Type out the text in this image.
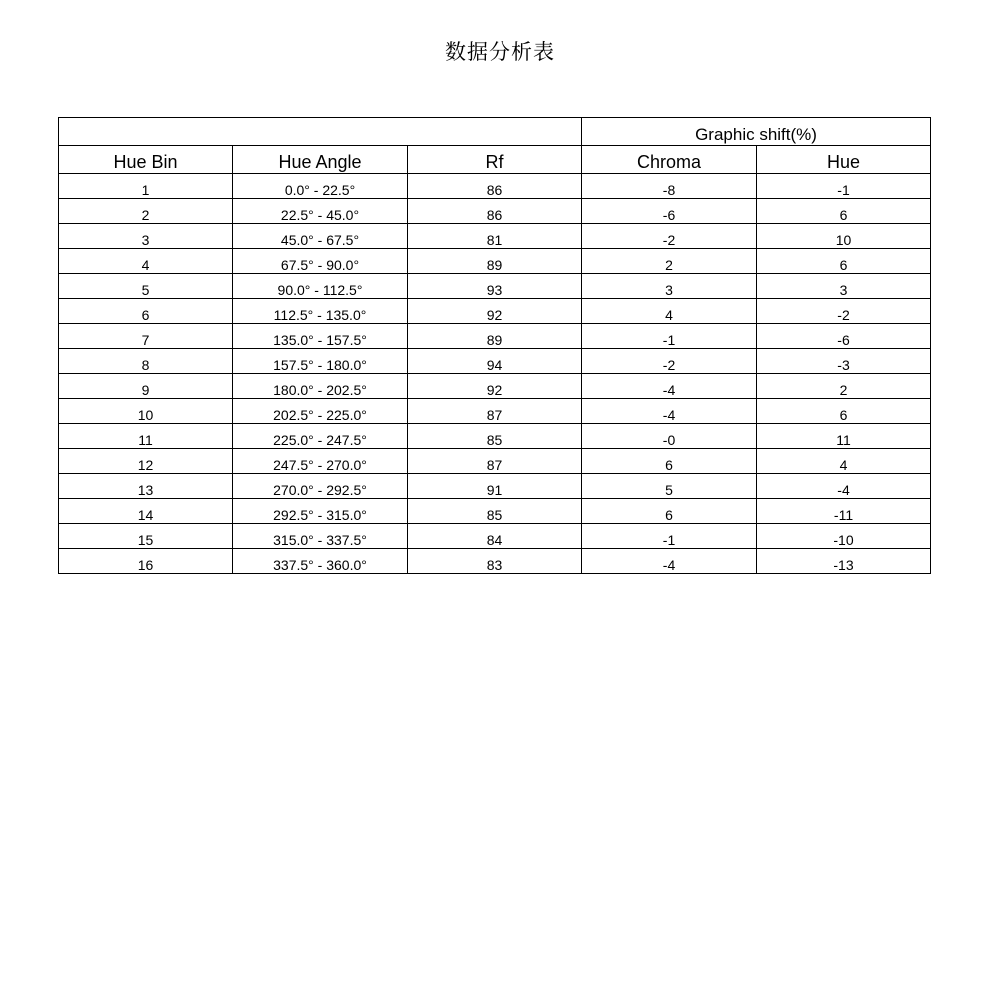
数据分析表
			Graphic shift(%)	
Hue Bin	Hue Angle	Rf	Chroma	Hue
1	0.0° - 22.5°	86	-8	-1
2	22.5° - 45.0°	86	-6	6
3	45.0° - 67.5°	81	-2	10
4	67.5° - 90.0°	89	2	6
5	90.0° - 112.5°	93	3	3
6	112.5° - 135.0°	92	4	-2
7	135.0° - 157.5°	89	-1	-6
8	157.5° - 180.0°	94	-2	-3
9	180.0° - 202.5°	92	-4	2
10	202.5° - 225.0°	87	-4	6
11	225.0° - 247.5°	85	-0	11
12	247.5° - 270.0°	87	6	4
13	270.0° - 292.5°	91	5	-4
14	292.5° - 315.0°	85	6	-11
15	315.0° - 337.5°	84	-1	-10
16	337.5° - 360.0°	83	-4	-13
